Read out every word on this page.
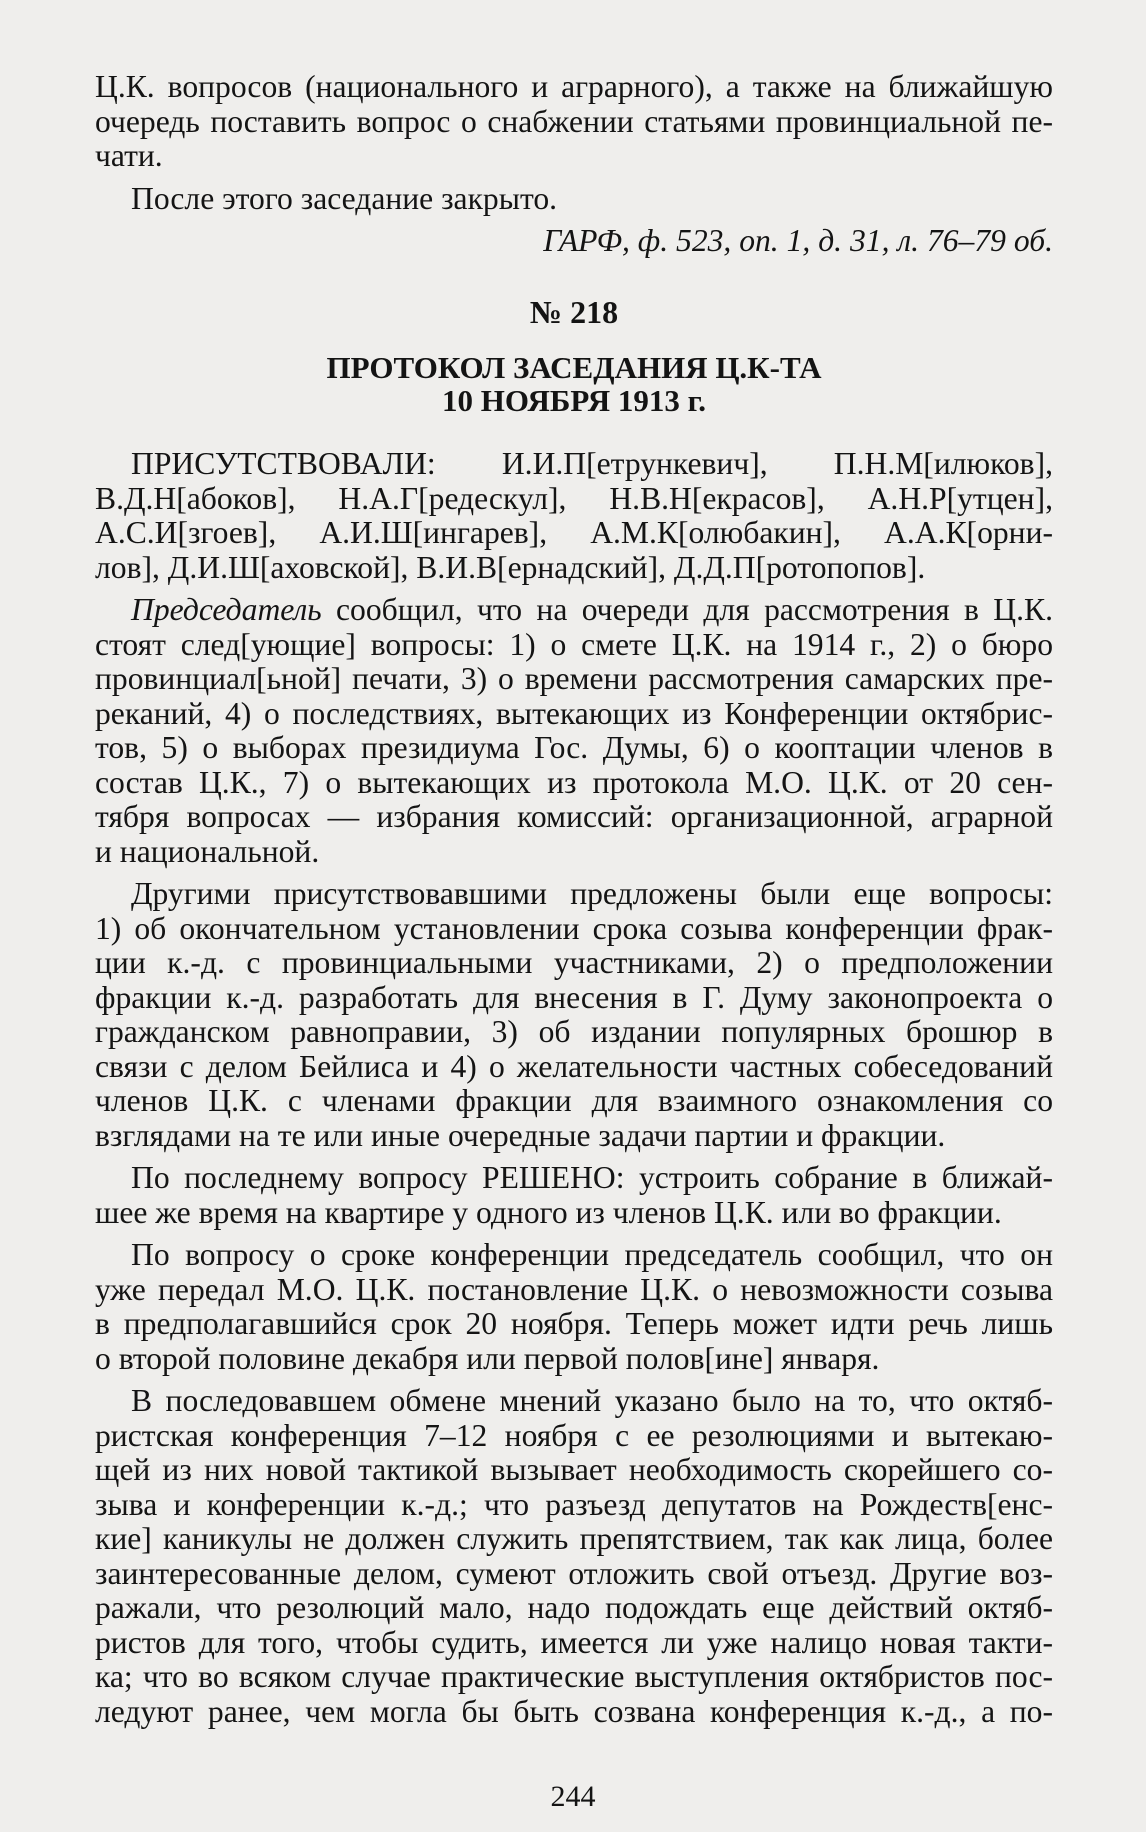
Ц.К. вопросов (национального и аграрного), а также на ближайшую
очередь поставить вопрос о снабжении статьями провинциальной пе-
чати.
После этого заседание закрыто.
ГАРФ, ф. 523, оп. 1, д. 31, л. 76–79 об.
№ 218
ПРОТОКОЛ ЗАСЕДАНИЯ Ц.К-ТА
10 НОЯБРЯ 1913 г.
ПРИСУТСТВОВАЛИ: И.И.П[етрункевич], П.Н.М[илюков],
В.Д.Н[абоков], Н.А.Г[редескул], Н.В.Н[екрасов], А.Н.Р[утцен],
А.С.И[згоев], А.И.Ш[ингарев], А.М.К[олюбакин], А.А.К[орни-
лов], Д.И.Ш[аховской], В.И.В[ернадский], Д.Д.П[ротопопов].
Председатель сообщил, что на очереди для рассмотрения в Ц.К.
стоят след[ующие] вопросы: 1) о смете Ц.К. на 1914 г., 2) о бюро
провинциал[ьной] печати, 3) о времени рассмотрения самарских пре-
реканий, 4) о последствиях, вытекающих из Конференции октябрис-
тов, 5) о выборах президиума Гос. Думы, 6) о кооптации членов в
состав Ц.К., 7) о вытекающих из протокола М.О. Ц.К. от 20 сен-
тября вопросах — избрания комиссий: организационной, аграрной
и национальной.
Другими присутствовавшими предложены были еще вопросы:
1) об окончательном установлении срока созыва конференции фрак-
ции к.-д. с провинциальными участниками, 2) о предположении
фракции к.-д. разработать для внесения в Г. Думу законопроекта о
гражданском равноправии, 3) об издании популярных брошюр в
связи с делом Бейлиса и 4) о желательности частных собеседований
членов Ц.К. с членами фракции для взаимного ознакомления со
взглядами на те или иные очередные задачи партии и фракции.
По последнему вопросу РЕШЕНО: устроить собрание в ближай-
шее же время на квартире у одного из членов Ц.К. или во фракции.
По вопросу о сроке конференции председатель сообщил, что он
уже передал М.О. Ц.К. постановление Ц.К. о невозможности созыва
в предполагавшийся срок 20 ноября. Теперь может идти речь лишь
о второй половине декабря или первой полов[ине] января.
В последовавшем обмене мнений указано было на то, что октяб-
ристская конференция 7–12 ноября с ее резолюциями и вытекаю-
щей из них новой тактикой вызывает необходимость скорейшего со-
зыва и конференции к.-д.; что разъезд депутатов на Рождеств[енс-
кие] каникулы не должен служить препятствием, так как лица, более
заинтересованные делом, сумеют отложить свой отъезд. Другие воз-
ражали, что резолюций мало, надо подождать еще действий октяб-
ристов для того, чтобы судить, имеется ли уже налицо новая такти-
ка; что во всяком случае практические выступления октябристов пос-
ледуют ранее, чем могла бы быть созвана конференция к.-д., а по-
244
